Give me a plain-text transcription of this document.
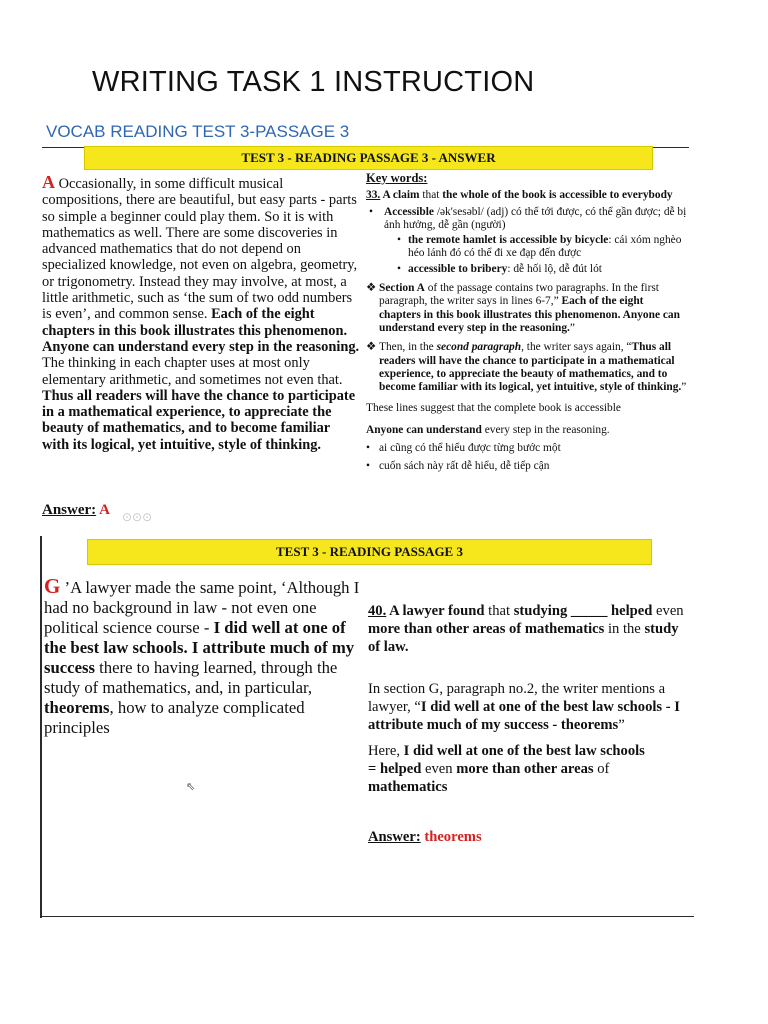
WRITING TASK 1 INSTRUCTION
VOCAB READING TEST 3-PASSAGE 3
TEST 3 - READING PASSAGE 3 - ANSWER
A Occasionally, in some difficult musical compositions, there are beautiful, but easy parts - parts so simple a beginner could play them. So it is with mathematics as well. There are some discoveries in advanced mathematics that do not depend on specialized knowledge, not even on algebra, geometry, or trigonometry. Instead they may involve, at most, a little arithmetic, such as ‘the sum of two odd numbers is even’, and common sense. Each of the eight chapters in this book illustrates this phenomenon. Anyone can understand every step in the reasoning. The thinking in each chapter uses at most only elementary arithmetic, and sometimes not even that. Thus all readers will have the chance to participate in a mathematical experience, to appreciate the beauty of mathematics, and to become familiar with its logical, yet intuitive, style of thinking.
Answer: A ⊙⊙⊙

Key words:

33. A claim that the whole of the book is accessible to everybody

• Accessible /ək'sesəbl/ (adj) có thể tới được, có thể gần được; dễ bị ảnh hưởng, dễ gần (người)
• the remote hamlet is accessible by bicycle: cái xóm nghèo héo lánh đó có thể đi xe đạp đến được
• accessible to bribery: dễ hối lộ, dễ đút lót

❖ Section A of the passage contains two paragraphs. In the first paragraph, the writer says in lines 6-7,” Each of the eight chapters in this book illustrates this phenomenon. Anyone can understand every step in the reasoning.”

❖ Then, in the second paragraph, the writer says again, “Thus all readers will have the chance to participate in a mathematical experience, to appreciate the beauty of mathematics, and to become familiar with its logical, yet intuitive, style of thinking.”

These lines suggest that the complete book is accessible

Anyone can understand every step in the reasoning.

• ai cũng có thể hiểu được từng bước một

• cuốn sách này rất dễ hiểu, dễ tiếp cận

TEST 3 - READING PASSAGE 3
G ’A lawyer made the same point, ‘Although I had no background in law - not even one political science course - I did well at one of the best law schools. I attribute much of my success there to having learned, through the study of mathematics, and, in particular, theorems, how to analyze complicated principles

40. A lawyer found that studying _____ helped even more than other areas of mathematics in the study of law.

In section G, paragraph no.2, the writer mentions a lawyer, “I did well at one of the best law schools - I attribute much of my success - theorems”

Here, I did well at one of the best law schools
= helped even more than other areas of
mathematics

Answer: theorems

⇖
